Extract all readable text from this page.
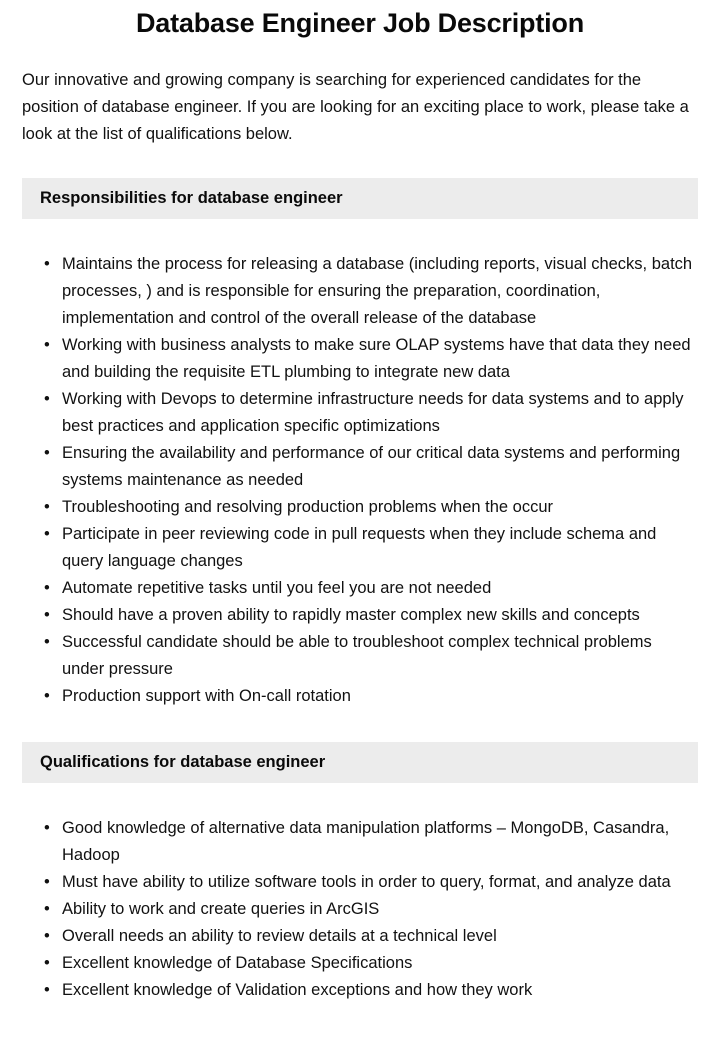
Database Engineer Job Description

Our innovative and growing company is searching for experienced candidates for the position of database engineer. If you are looking for an exciting place to work, please take a look at the list of qualifications below.

Responsibilities for database engineer
• Maintains the process for releasing a database (including reports, visual checks, batch processes, ) and is responsible for ensuring the preparation, coordination, implementation and control of the overall release of the database
• Working with business analysts to make sure OLAP systems have that data they need and building the requisite ETL plumbing to integrate new data
• Working with Devops to determine infrastructure needs for data systems and to apply best practices and application specific optimizations
• Ensuring the availability and performance of our critical data systems and performing systems maintenance as needed
• Troubleshooting and resolving production problems when the occur
• Participate in peer reviewing code in pull requests when they include schema and query language changes
• Automate repetitive tasks until you feel you are not needed
• Should have a proven ability to rapidly master complex new skills and concepts
• Successful candidate should be able to troubleshoot complex technical problems under pressure
• Production support with On-call rotation
Qualifications for database engineer
• Good knowledge of alternative data manipulation platforms – MongoDB, Casandra, Hadoop
• Must have ability to utilize software tools in order to query, format, and analyze data
• Ability to work and create queries in ArcGIS
• Overall needs an ability to review details at a technical level
• Excellent knowledge of Database Specifications
• Excellent knowledge of Validation exceptions and how they work
